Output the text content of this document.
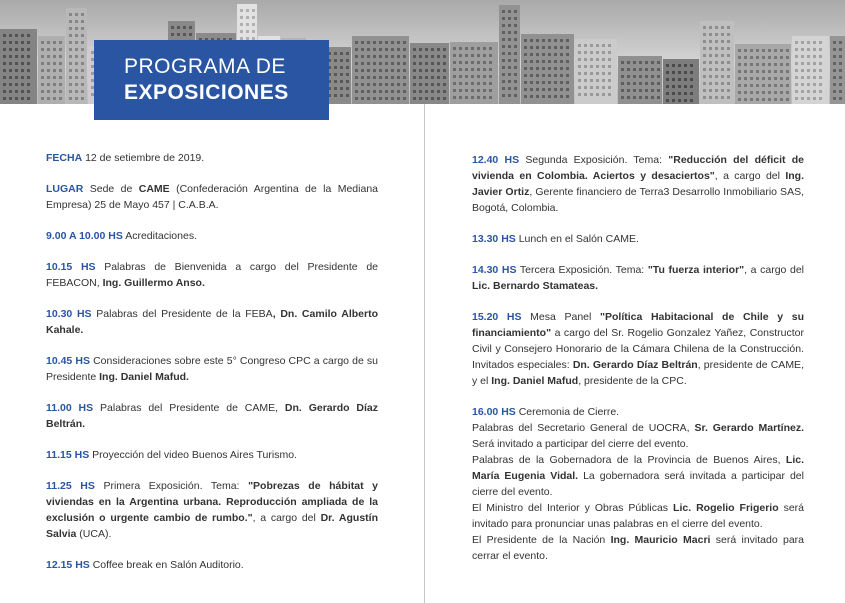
PROGRAMA DE
EXPOSICIONES
FECHA 12 de setiembre de 2019.
LUGAR Sede de CAME (Confederación Argentina de la Mediana Empresa) 25 de Mayo 457 | C.A.B.A.
9.00 A 10.00 HS Acreditaciones.
10.15 HS Palabras de Bienvenida a cargo del Presidente de FEBACON, Ing. Guillermo Anso.
10.30 HS Palabras del Presidente de la FEBA, Dn. Camilo Alberto Kahale.
10.45 HS Consideraciones sobre este 5° Congreso CPC a cargo de su Presidente Ing. Daniel Mafud.
11.00 HS Palabras del Presidente de CAME, Dn. Gerardo Díaz Beltrán.
11.15 HS Proyección del video Buenos Aires Turismo.
11.25 HS Primera Exposición. Tema: "Pobrezas de hábitat y viviendas en la Argentina urbana. Reproducción ampliada de la exclusión o urgente cambio de rumbo.", a cargo del Dr. Agustín Salvia (UCA).
12.15 HS Coffee break en Salón Auditorio.
12.40 HS Segunda Exposición. Tema: "Reducción del déficit de vivienda en Colombia. Aciertos y desaciertos", a cargo del Ing. Javier Ortiz, Gerente financiero de Terra3 Desarrollo Inmobiliario SAS, Bogotá, Colombia.
13.30 HS Lunch en el Salón CAME.
14.30 HS Tercera Exposición. Tema: "Tu fuerza interior", a cargo del Lic. Bernardo Stamateas.
15.20 HS Mesa Panel "Política Habitacional de Chile y su financiamiento" a cargo del Sr. Rogelio Gonzalez Yañez, Constructor Civil y Consejero Honorario de la Cámara Chilena de la Construcción. Invitados especiales: Dn. Gerardo Díaz Beltrán, presidente de CAME, y el Ing. Daniel Mafud, presidente de la CPC.
16.00 HS Ceremonia de Cierre.
Palabras del Secretario General de UOCRA, Sr. Gerardo Martínez. Será invitado a participar del cierre del evento.
Palabras de la Gobernadora de la Provincia de Buenos Aires, Lic. María Eugenia Vidal. La gobernadora será invitada a participar del cierre del evento.
El Ministro del Interior y Obras Públicas Lic. Rogelio Frigerio será invitado para pronunciar unas palabras en el cierre del evento.
El Presidente de la Nación Ing. Mauricio Macri será invitado para cerrar el evento.
